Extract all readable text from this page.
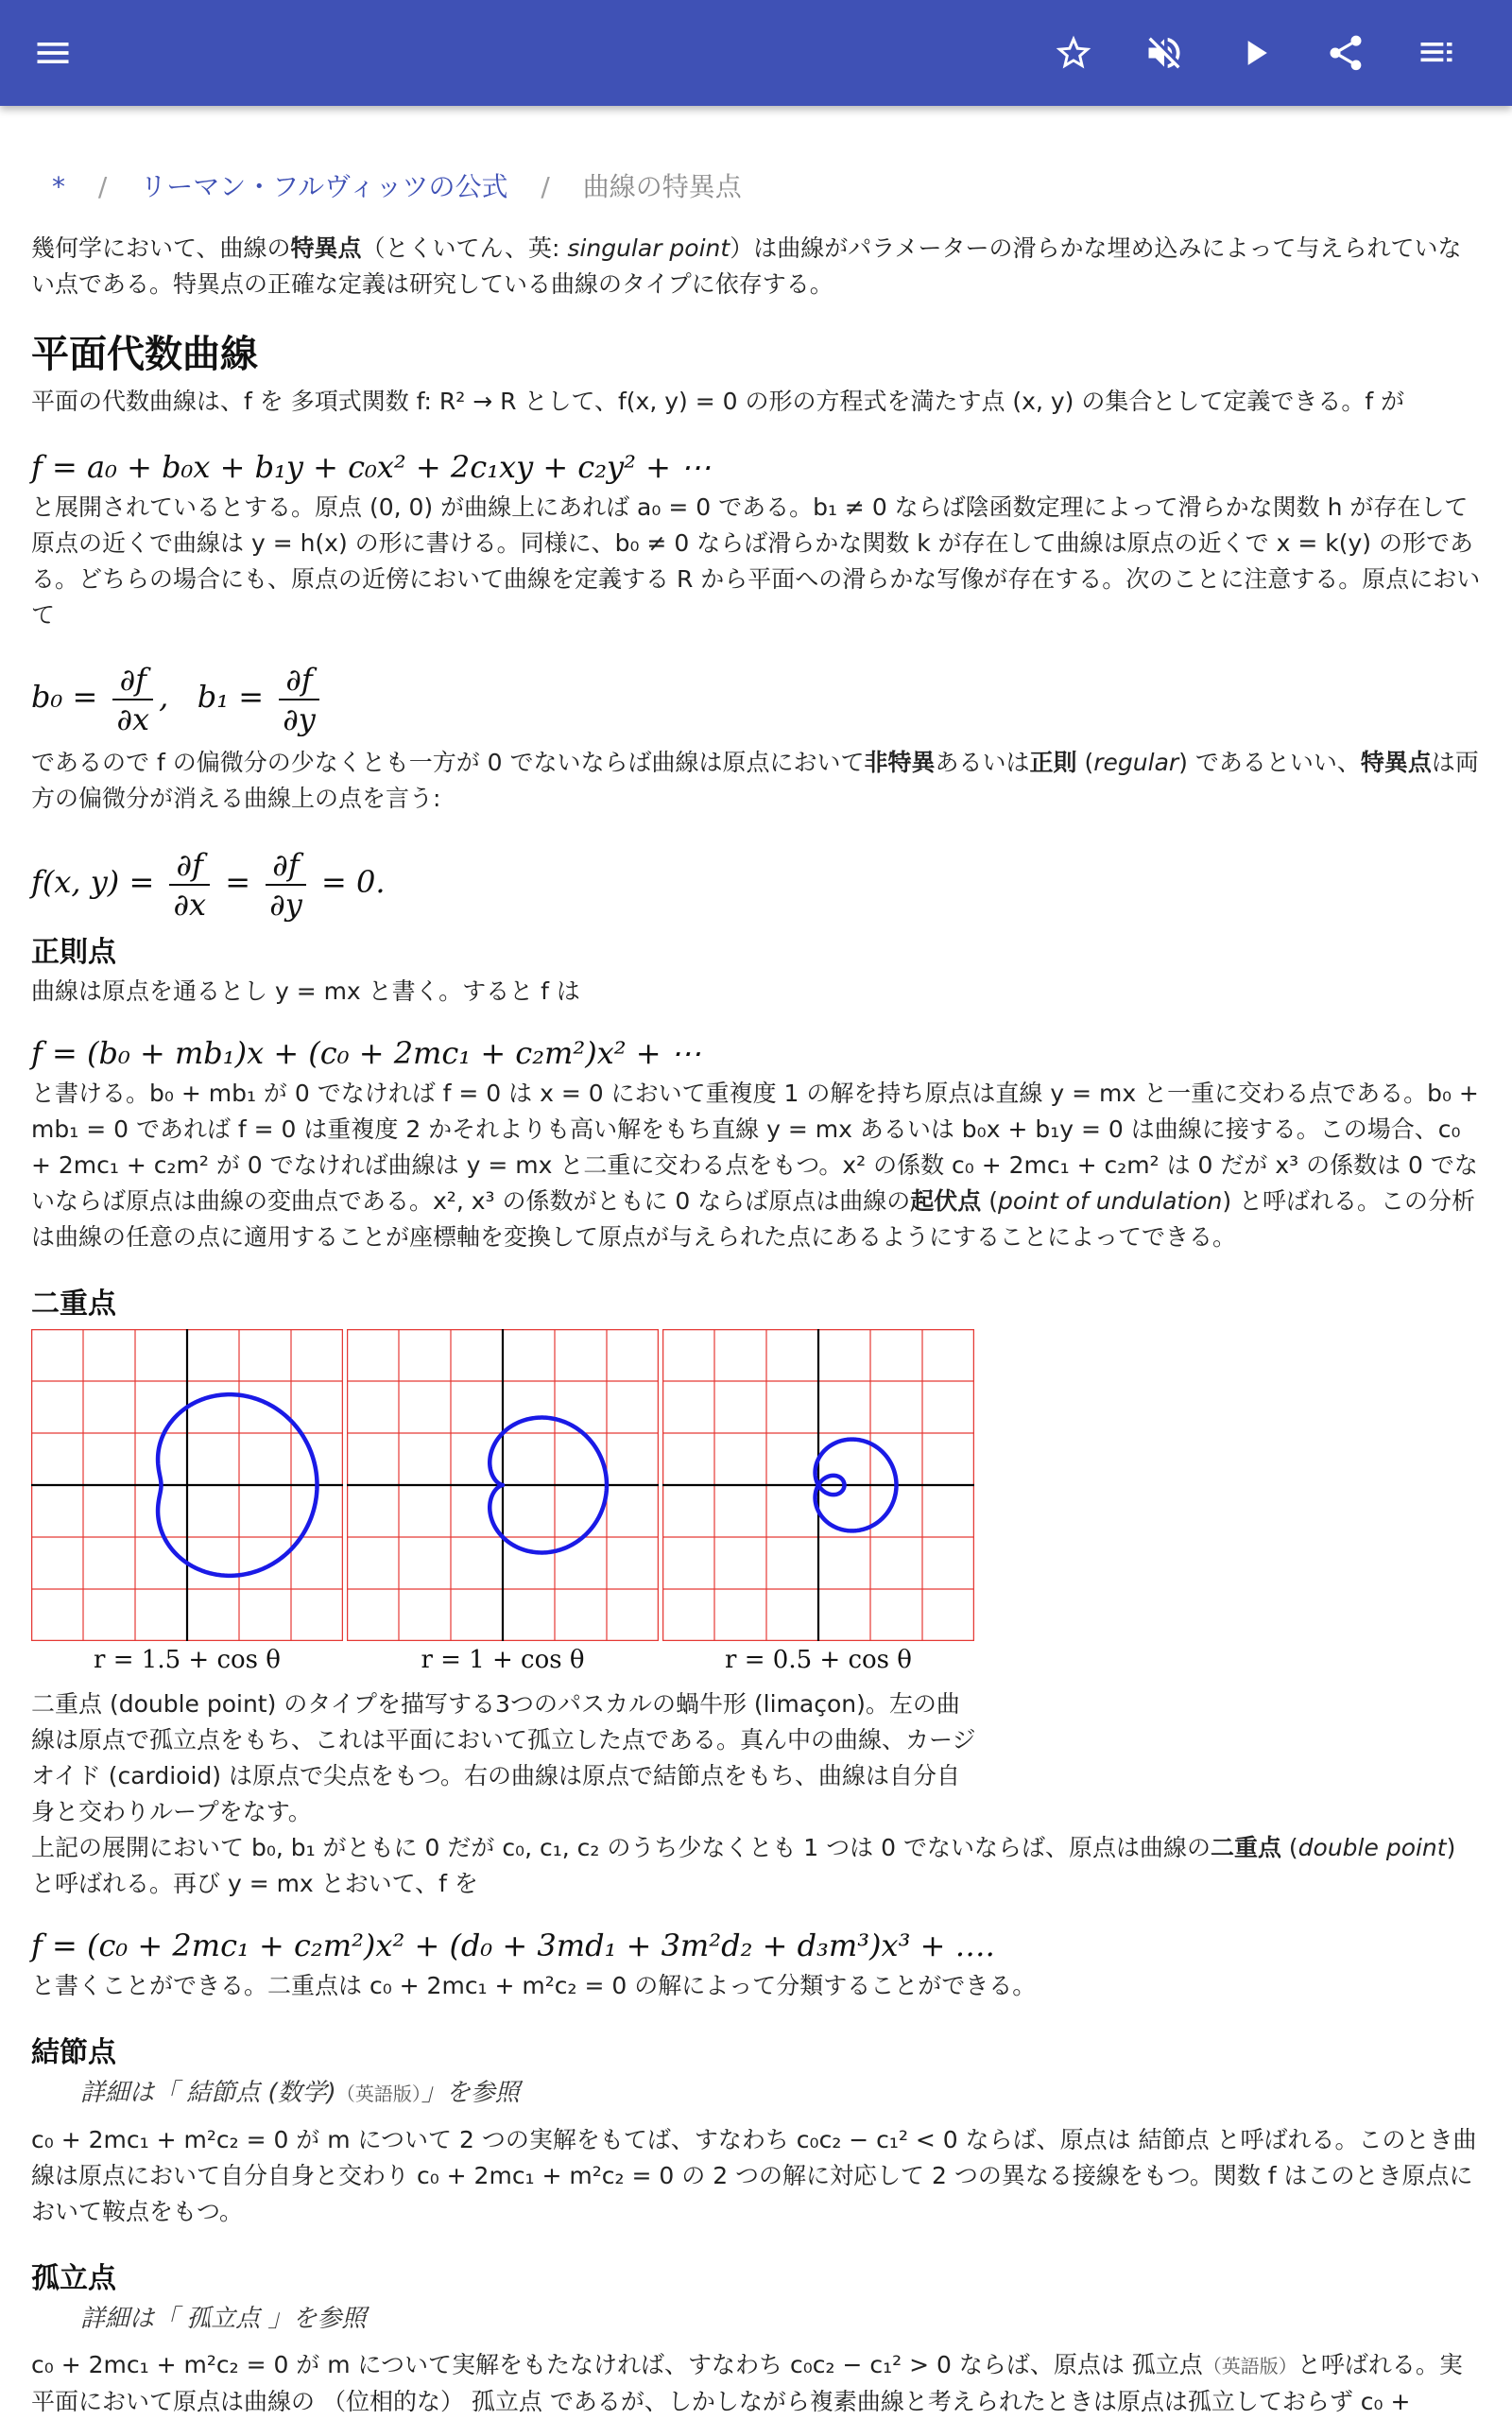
* / リーマン・フルヴィッツの公式 / 曲線の特異点

幾何学において、曲線の特異点（とくいてん、英: singular point）は曲線がパラメーターの滑らかな埋め込みによって与えられていない点である。特異点の正確な定義は研究している曲線のタイプに依存する。

平面代数曲線

平面の代数曲線は、f を 多項式関数 f: R² → R として、f(x, y) = 0 の形の方程式を満たす点 (x, y) の集合として定義できる。f が

f = a₀ + b₀x + b₁y + c₀x² + 2c₁xy + c₂y² + ⋯

と展開されているとする。原点 (0, 0) が曲線上にあれば a₀ = 0 である。b₁ ≠ 0 ならば陰函数定理によって滑らかな関数 h が存在して原点の近くで曲線は y = h(x) の形に書ける。同様に、b₀ ≠ 0 ならば滑らかな関数 k が存在して曲線は原点の近くで x = k(y) の形である。どちらの場合にも、原点の近傍において曲線を定義する R から平面への滑らかな写像が存在する。次のことに注意する。原点において

$b_0 = \frac{\partial f}{\partial x}$ , $b_1 = \frac{\partial f}{\partial y}$

であるので f の偏微分の少なくとも一方が 0 でないならば曲線は原点において非特異あるいは正則 (regular) であるといい、特異点は両方の偏微分が消える曲線上の点を言う:

f(x, $y) = \frac{\partial f}{\partial x} = \frac{\partial f}{\partial y} = 0$.
正則点

曲線は原点を通るとし y = mx と書く。すると f は

f = (b₀ + mb₁)x + (c₀ + 2mc₁ + c₂m²)x² + ⋯

と書ける。b₀ + mb₁ が 0 でなければ f = 0 は x = 0 において重複度 1 の解を持ち原点は直線 y = mx と一重に交わる点である。b₀ + mb₁ = 0 であれば f = 0 は重複度 2 かそれよりも高い解をもち直線 y = mx あるいは b₀x + b₁y = 0 は曲線に接する。この場合、c₀ + 2mc₁ + c₂m² が 0 でなければ曲線は y = mx と二重に交わる点をもつ。x² の係数 c₀ + 2mc₁ + c₂m² は 0 だが x³ の係数は 0 でないならば原点は曲線の変曲点である。x², x³ の係数がともに 0 ならば原点は曲線の起伏点 (point of undulation) と呼ばれる。この分析は曲線の任意の点に適用することが座標軸を変換して原点が与えられた点にあるようにすることによってできる。

二重点
r = 1.5 + cos θ	r = 1 + cos θ	r = 0.5 + cos θ

二重点 (double point) のタイプを描写する3つのパスカルの蝸牛形 (limaçon)。左の曲線は原点で孤立点をもち、これは平面において孤立した点である。真ん中の曲線、カージオイド (cardioid) は原点で尖点をもつ。右の曲線は原点で結節点をもち、曲線は自分自身と交わりループをなす。

上記の展開において b₀, b₁ がともに 0 だが c₀, c₁, c₂ のうち少なくとも 1 つは 0 でないならば、原点は曲線の二重点 (double point) と呼ばれる。再び y = mx とおいて、f を

f = (c₀ + 2mc₁ + c₂m²)x² + (d₀ + 3md₁ + 3m²d₂ + d₃m³)x³ + ….

と書くことができる。二重点は c₀ + 2mc₁ + m²c₂ = 0 の解によって分類することができる。

結節点
詳細は「 結節点 (数学)（英語版）」を参照

c₀ + 2mc₁ + m²c₂ = 0 が m について 2 つの実解をもてば、すなわち c₀c₂ − c₁² < 0 ならば、原点は 結節点 と呼ばれる。このとき曲線は原点において自分自身と交わり c₀ + 2mc₁ + m²c₂ = 0 の 2 つの解に対応して 2 つの異なる接線をもつ。関数 f はこのとき原点において鞍点をもつ。

孤立点
詳細は「 孤立点 」を参照

c₀ + 2mc₁ + m²c₂ = 0 が m について実解をもたなければ、すなわち c₀c₂ − c₁² > 0 ならば、原点は 孤立点（英語版）と呼ばれる。実平面において原点は曲線の （位相的な） 孤立点 であるが、しかしながら複素曲線と考えられたときは原点は孤立しておらず c₀ +
